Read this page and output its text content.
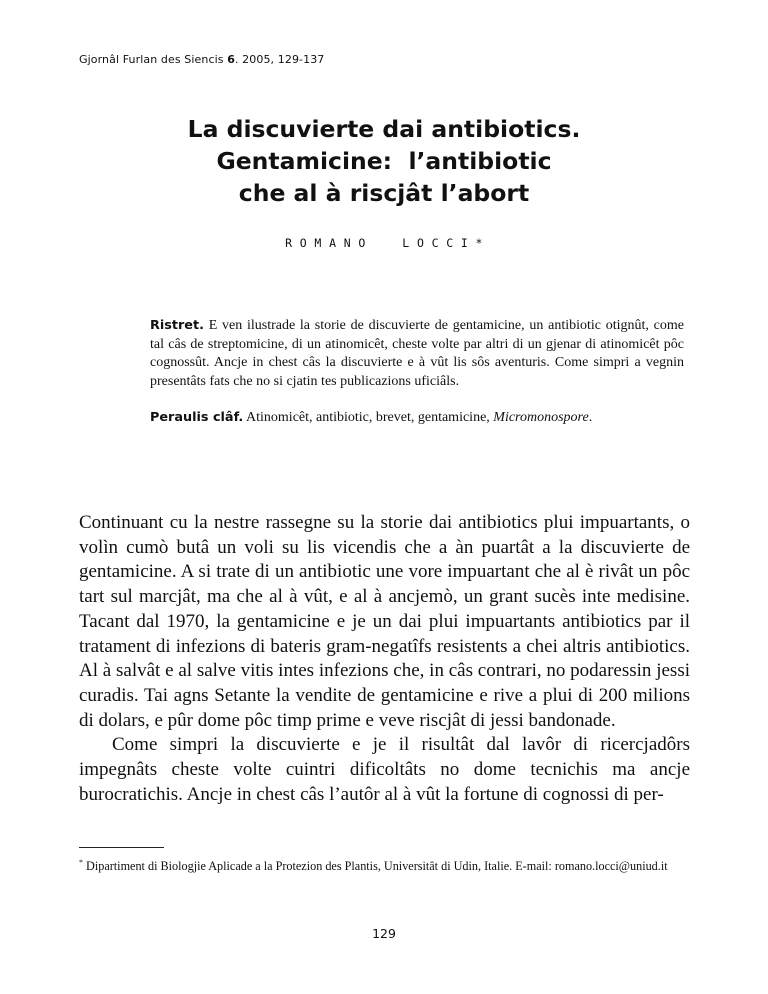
Gjornâl Furlan des Siencis 6. 2005, 129-137
La discuvierte dai antibiotics.
Gentamicine:  l’antibiotic
che al à riscjât l’abort
R O M A N O     L O C C I *

Ristret. E ven ilustrade la storie de discuvierte de gentamicine, un antibiotic otignût, come tal câs de streptomicine, di un atinomicêt, cheste volte par altri di un gjenar di atinomicêt pôc cognossût. Ancje in chest câs la discuvierte e à vût lis sôs aventuris. Come simpri a vegnin presentâts fats che no si cjatin tes publicazions uficiâls.

Peraulis clâf. Atinomicêt, antibiotic, brevet, gentamicine, Micromonospore.

Continuant cu la nestre rassegne su la storie dai antibiotics plui impuartants, o volìn cumò butâ un voli su lis vicendis che a àn puartât a la discuvierte de gentamicine. A si trate di un antibiotic une vore impuartant che al è rivât un pôc tart sul marcjât, ma che al à vût, e al à ancjemò, un grant sucès inte medisine. Tacant dal 1970, la gentamicine e je un dai plui impuartants antibiotics par il tratament di infezions di bateris gram-negatîfs resistents a chei altris antibiotics. Al à salvât e al salve vitis intes infezions che, in câs contrari, no podaressin jessi curadis. Tai agns Setante la vendite de gentamicine e rive a plui di 200 milions di dolars, e pûr dome pôc timp prime e veve riscjât di jessi bandonade.

Come simpri la discuvierte e je il risultât dal lavôr di ricercjadôrs impegnâts cheste volte cuintri dificoltâts no dome tecnichis ma ancje burocratichis. Ancje in chest câs l’autôr al à vût la fortune di cognossi di per-

* Dipartiment di Biologjie Aplicade a la Protezion des Plantis, Universitât di Udin, Italie. E-mail: romano.locci@uniud.it
129
